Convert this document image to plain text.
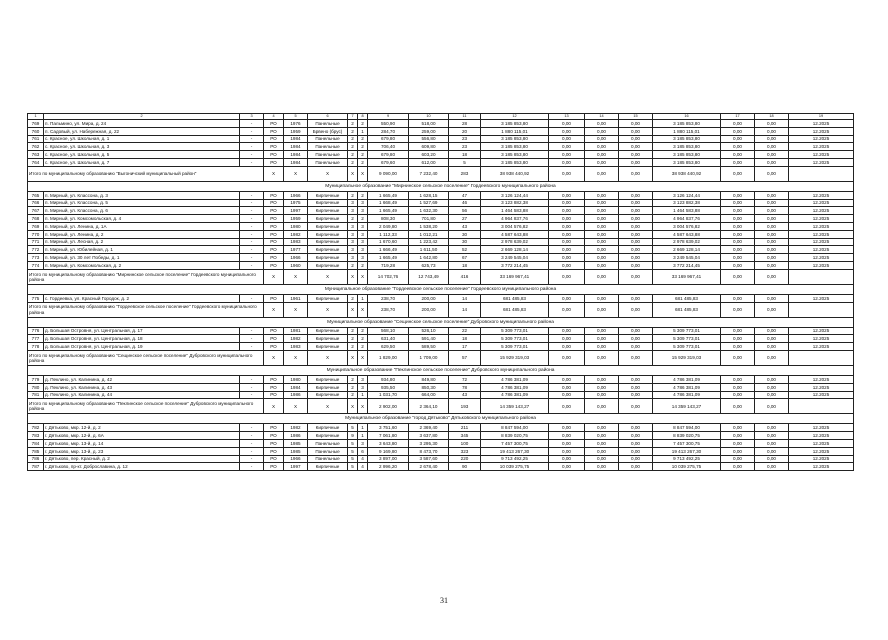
1	2	3	4	5	6	7	8	9	10	11	12	13	14	15	16	17	18	19
769	п. Пальмино, ул. Мира, д. 24	-	РО	1976	Панельные	2	2	550,90	518,00	28	3 185 853,80	0,00	0,00	0,00	3 185 853,80	0,00	0,00	12.2025
760	п. Садовый, ул. Набережная, д. 22	-	РО	1959	Брвено (брус)	2	1	284,70	259,00	20	1 880 115,01	0,00	0,00	0,00	1 880 115,01	0,00	0,00	12.2025
761	с. Красное, ул. Школьная, д. 1	-	РО	1984	Панельные	2	2	679,80	556,80	23	3 185 853,80	0,00	0,00	0,00	3 185 853,80	0,00	0,00	12.2025
762	с. Красное, ул. Школьная, д. 3	-	РО	1984	Панельные	2	2	706,40	609,80	23	3 185 853,80	0,00	0,00	0,00	3 185 853,80	0,00	0,00	12.2025
763	с. Красное, ул. Школьная, д. 5	-	РО	1984	Панельные	2	2	679,80	603,20	18	3 185 853,80	0,00	0,00	0,00	3 185 853,80	0,00	0,00	12.2025
764	с. Красное, ул. Школьная, д. 7	-	РО	1984	Панельные	2	2	679,60	612,00	5	3 185 853,80	0,00	0,00	0,00	3 185 853,80	0,00	0,00	12.2025
Итого по муниципальному образованию "Выгоничский муниципальный район"			X	X	X	X	X	9 090,00	7 232,40	283	38 938 440,92	0,00	0,00	0,00	38 938 440,92	0,00	0,00	
Муниципальное образование "Мирнинское сельское поселение" Гордеевского муниципального района																		
765	п. Мирный, ул. Классона, д. 3	-	РО	1966	Кирпичные	2	2	1 665,49	1 628,15	47	3 126 124,44	0,00	0,00	0,00	3 126 124,44	0,00	0,00	12.2025
766	п. Мирный, ул. Классона, д. 5	-	РО	1975	Кирпичные	3	3	1 668,49	1 527,69	46	3 123 882,38	0,00	0,00	0,00	3 123 882,38	0,00	0,00	12.2025
767	п. Мирный, ул. Классона, д. 6	-	РО	1997	Кирпичные	3	3	1 665,49	1 632,30	56	1 464 583,88	0,00	0,00	0,00	1 464 583,88	0,00	0,00	12.2025
768	п. Мирный, ул. Комсомольская, д. 4	-	РО	1959	Кирпичные	2	2	808,30	701,80	27	4 964 837,76	0,00	0,00	0,00	4 964 837,76	0,00	0,00	12.2025
769	п. Мирный, ул. Ленина, д. 1А	-	РО	1980	Кирпичные	3	3	2 049,80	1 538,20	43	3 004 576,82	0,00	0,00	0,00	3 004 576,82	0,00	0,00	12.2025
770	п. Мирный, ул. Ленина, д. 2	-	РО	1982	Кирпичные	3	3	1 112,33	1 012,21	30	4 587 643,88	0,00	0,00	0,00	4 587 643,88	0,00	0,00	12.2025
771	п. Мирный, ул. Лесная, д. 2	-	РО	1983	Кирпичные	3	3	1 670,60	1 223,42	30	2 978 639,02	0,00	0,00	0,00	2 978 639,02	0,00	0,00	12.2025
772	п. Мирный, ул. Юбилейная, д. 1	-	РО	1977	Кирпичные	3	3	1 666,49	1 611,50	52	2 669 128,14	0,00	0,00	0,00	2 669 128,14	0,00	0,00	12.2025
773	п. Мирный, ул. 30 лет Победы, д. 1	-	РО	1966	Кирпичные	3	3	1 665,49	1 642,80	67	3 249 545,04	0,00	0,00	0,00	3 249 545,04	0,00	0,00	12.2025
774	п. Мирный, ул. Комсомольская, д. 2	-	РО	1960	Кирпичные	2	2	719,28	625,73	18	3 772 214,45	0,00	0,00	0,00	3 772 214,45	0,00	0,00	12.2025
Итого по муниципальному образованию "Мирнинское сельское поселение" Гордеевского муниципального района			X	X	X	X	X	14 702,76	12 743,49	416	33 169 967,41	0,00	0,00	0,00	33 169 967,41	0,00	0,00	
Муниципальное образование "Гордеевское сельское поселение" Гордеевского муниципального района																		
775	с. Гордеевка, ул. Красный Городок, д. 2	-	РО	1961	Кирпичные	2	1	238,70	200,00	14	681 485,83	0,00	0,00	0,00	681 485,83	0,00	0,00	12.2025
Итого по муниципальному образованию "Гордеевское сельское поселение" Гордеевского муниципального района			X	X	X	X	X	238,70	200,00	14	681 485,83	0,00	0,00	0,00	681 485,83	0,00	0,00	
Муниципальное образование "Сещинское сельское поселение" Дубровского муниципального района																		
776	д. Большая Островня, ул. Центральная, д. 17	-	РО	1981	Кирпичные	2	2	568,10	526,10	22	5 309 773,01	0,00	0,00	0,00	5 309 773,01	0,00	0,00	12.2025
777	д. Большая Островня, ул. Центральная, д. 18	-	РО	1982	Кирпичные	2	2	631,40	591,40	18	5 309 773,01	0,00	0,00	0,00	5 309 773,01	0,00	0,00	12.2025
778	д. Большая Островня, ул. Центральная, д. 19	-	РО	1983	Кирпичные	2	2	629,50	589,50	17	5 309 773,01	0,00	0,00	0,00	5 309 773,01	0,00	0,00	12.2025
Итого по муниципальному образованию "Сещинское сельское поселение" Дубровского муниципального района			X	X	X	X	X	1 829,00	1 709,00	57	15 929 319,03	0,00	0,00	0,00	15 929 319,03	0,00	0,00	
Муниципальное образование "Пеклинское сельское поселение" Дубровского муниципального района																		
779	д. Пеклино, ул. Калинина, д. 42	-	РО	1980	Кирпичные	2	3	934,80	849,80	72	4 786 381,09	0,00	0,00	0,00	4 786 381,09	0,00	0,00	12.2025
780	д. Пеклино, ул. Калинина, д. 43	-	РО	1984	Кирпичные	2	3	935,50	850,30	78	4 786 381,09	0,00	0,00	0,00	4 786 381,09	0,00	0,00	12.2025
781	д. Пеклино, ул. Калинина, д. 44	-	РО	1986	Кирпичные	2	1	1 031,70	664,00	43	4 786 381,09	0,00	0,00	0,00	4 786 381,09	0,00	0,00	12.2025
Итого по муниципальному образованию "Пеклинское сельское поселение" Дубровского муниципального района			X	X	X	X	X	2 902,00	2 364,10	193	14 359 143,27	0,00	0,00	0,00	14 359 143,27	0,00	0,00	
Муниципальное образование "город Дятьково" Дятьковского муниципального района																		
782	г. Дятьково, мкр. 12-й, д. 2	-	РО	1982	Кирпичные	5	1	3 751,60	2 369,40	211	8 847 594,00	0,00	0,00	0,00	8 847 594,00	0,00	0,00	12.2025
783	г. Дятьково, мкр. 12-й, д. 6А	-	РО	1986	Кирпичные	9	1	7 061,80	3 637,80	345	8 839 020,75	0,00	0,00	0,00	8 839 020,75	0,00	0,00	12.2025
784	г. Дятьково, мкр. 13-й, д. 14	-	РО	1985	Панельные	5	3	3 643,80	3 295,30	100	7 457 300,75	0,00	0,00	0,00	7 457 300,75	0,00	0,00	12.2025
785	г. Дятьково, мкр. 13-й, д. 23	-	РО	1985	Панельные	5	6	9 169,80	8 473,70	323	19 413 267,30	0,00	0,00	0,00	19 413 267,30	0,00	0,00	12.2025
786	г. Дятьково, пер. Красный, д. 2	-	РО	1966	Панельные	5	4	3 897,00	3 587,60	220	9 713 492,25	0,00	0,00	0,00	9 713 492,25	0,00	0,00	12.2025
787	г. Дятьково, пр-кт. Доброславина, д. 12	-	РО	1997	Кирпичные	5	4	2 996,20	2 678,40	90	10 039 275,75	0,00	0,00	0,00	10 039 275,75	0,00	0,00	12.2025
31
